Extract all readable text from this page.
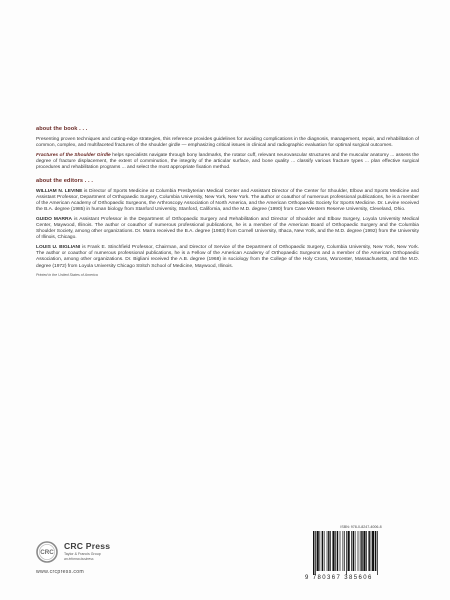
about the book . . .

Presenting proven techniques and cutting-edge strategies, this reference provides guidelines for avoiding complications in the diagnosis, management, repair, and rehabilitation of common, complex, and multifaceted fractures of the shoulder girdle — emphasizing critical issues in clinical and radiographic evaluation for optimal surgical outcomes.

Fractures of the Shoulder Girdle helps specialists navigate through bony landmarks, the rotator cuff, relevant neurovascular structures and the muscular anatomy ... assess the degree of fracture displacement, the extent of comminution, the integrity of the articular surface, and bone quality ... classify various fracture types ... plan effective surgical procedures and rehabilitation programs ... and select the most appropriate fixation method.

about the editors . . .

WILLIAM N. LEVINE is Director of Sports Medicine at Columbia Presbyterian Medical Center and Assistant Director of the Center for Shoulder, Elbow and Sports Medicine and Assistant Professor, Department of Orthopaedic Surgery, Columbia University, New York, New York. The author or coauthor of numerous professional publications, he is a member of the American Academy of Orthopaedic Surgeons, the Arthroscopy Association of North America, and the American Orthopaedic Society for Sports Medicine. Dr. Levine received the B.A. degree (1985) in human biology from Stanford University, Stanford, California, and the M.D. degree (1990) from Case Western Reserve University, Cleveland, Ohio.

GUIDO MARRA is Assistant Professor in the Department of Orthopaedic Surgery and Rehabilitation and Director of Shoulder and Elbow Surgery, Loyola University Medical Center, Maywood, Illinois. The author or coauthor of numerous professional publications, he is a member of the American Board of Orthopaedic Surgery and the Columbia Shoulder Society, among other organizations. Dr. Marra received the B.A. degree (1983) from Cornell University, Ithaca, New York, and the M.D. degree (1992) from the University of Illinois, Chicago.

LOUIS U. BIGLIANI is Frank E. Stinchfield Professor, Chairman, and Director of Service of the Department of Orthopaedic Surgery, Columbia University, New York, New York. The author or coauthor of numerous professional publications, he is a Fellow of the American Academy of Orthopaedic Surgeons and a member of the American Orthopaedic Association, among other organizations. Dr. Bigliani received the A.B. degree (1968) in sociology from the College of the Holy Cross, Worcester, Massachusetts, and the M.D. degree (1972) from Loyola University Chicago Stritch School of Medicine, Maywood, Illinois.

Printed in the United States of America
CRC
CRC Press
Taylor & Francis Group
an informa business
www.crcpress.com
ISBN: 978-0-8247-4006-8
9 780367 385606
